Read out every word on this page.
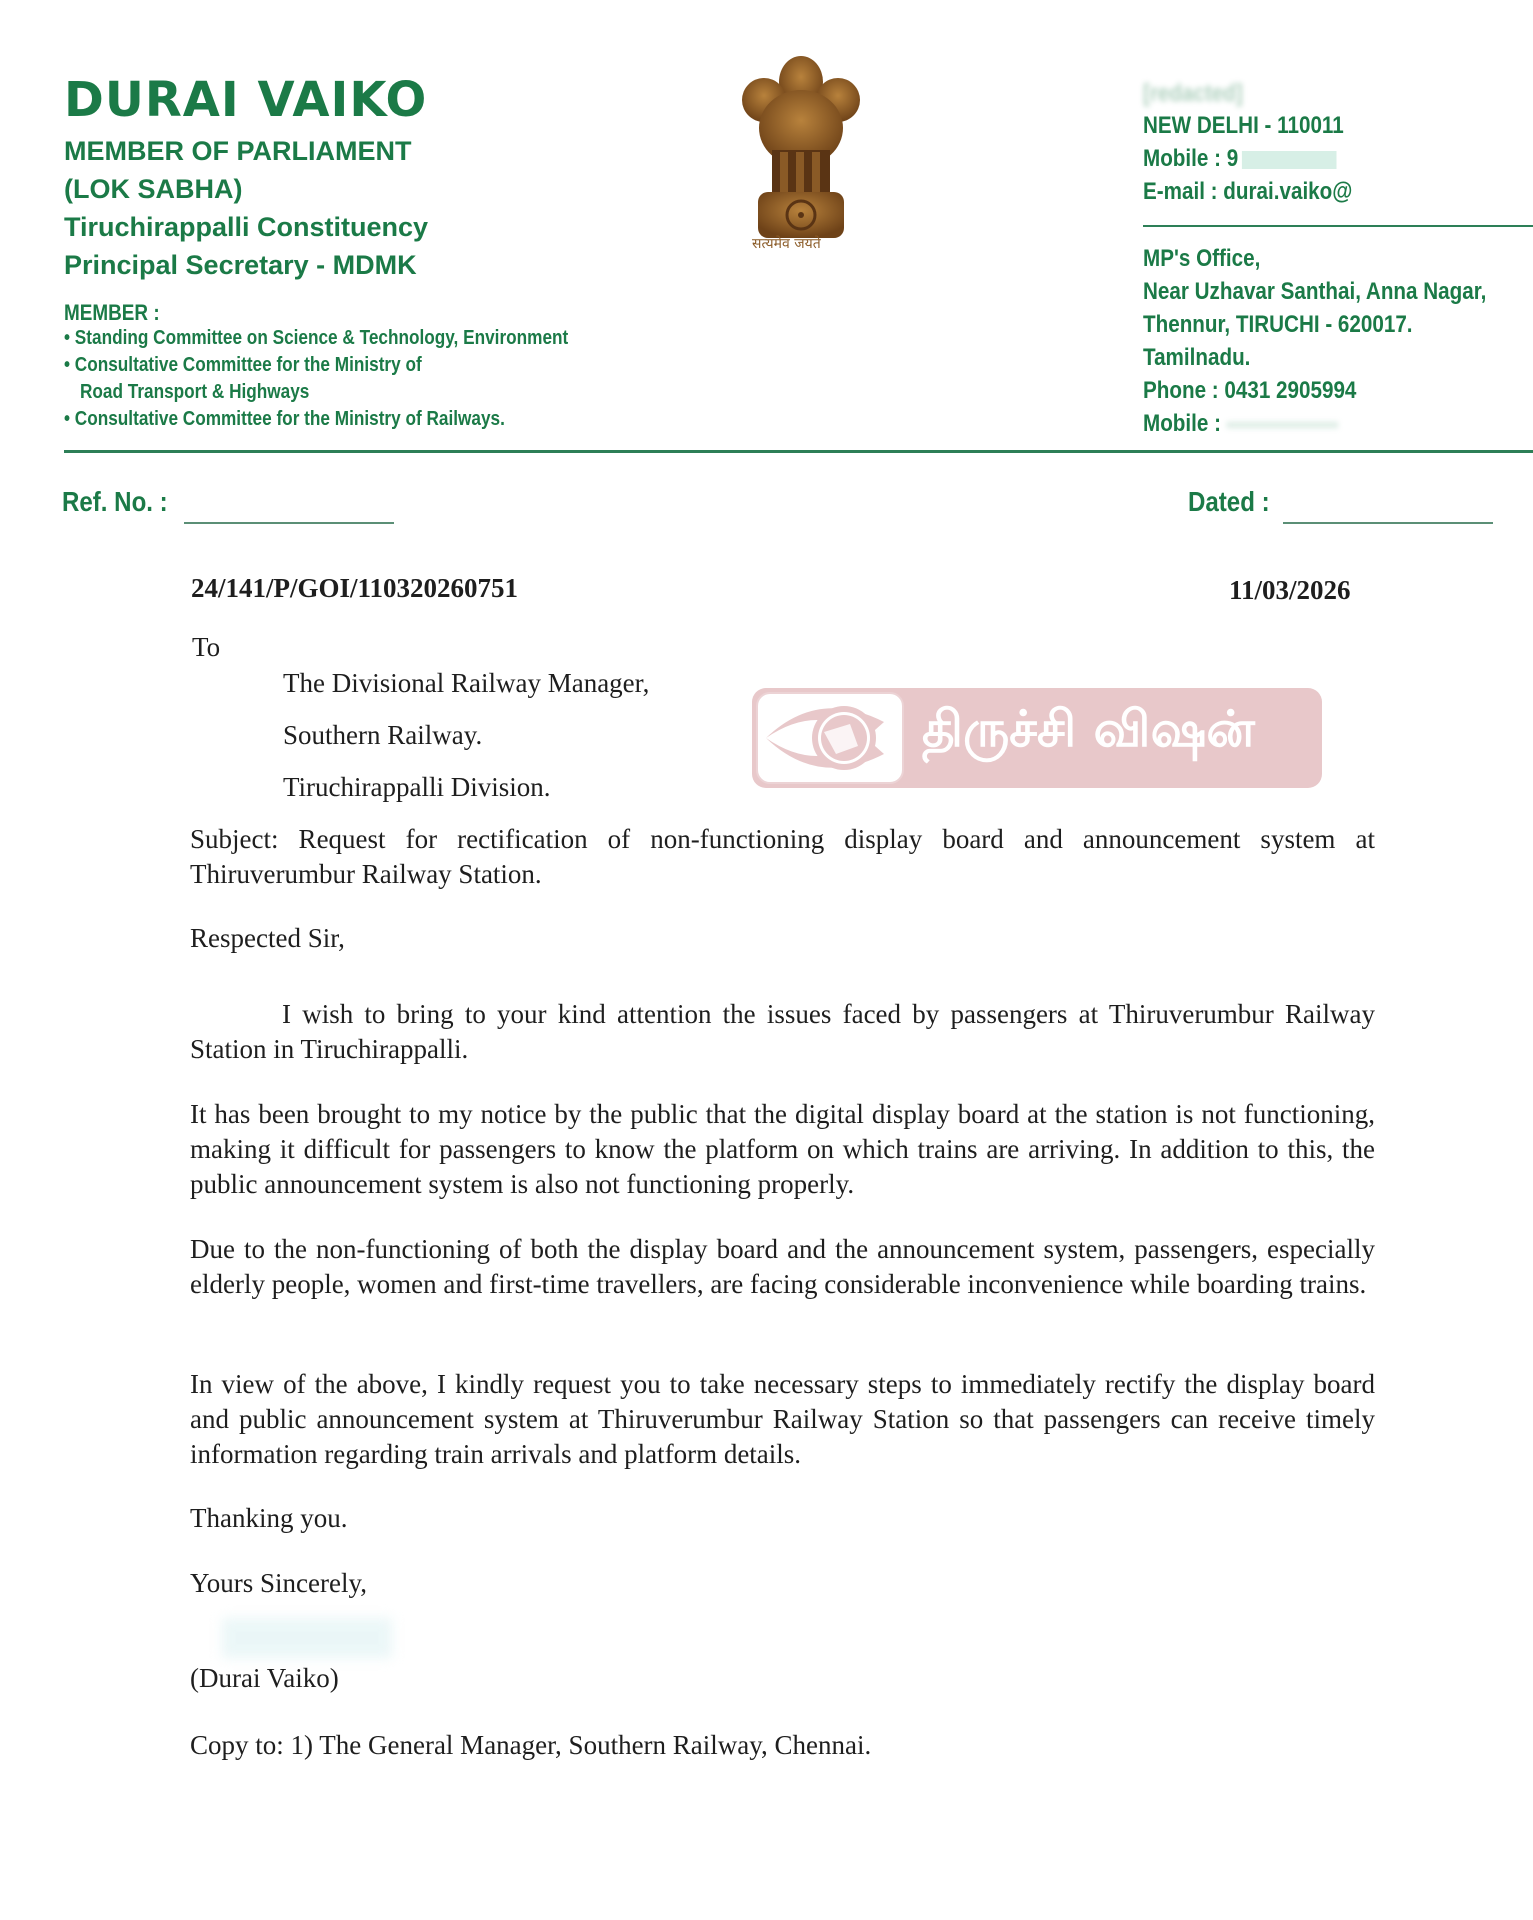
DURAI VAIKO
MEMBER OF PARLIAMENT
(LOK SABHA)
Tiruchirappalli Constituency
Principal Secretary - MDMK
MEMBER :
• Standing Committee on Science & Technology, Environment
• Consultative Committee for the Ministry of
Road Transport & Highways
• Consultative Committee for the Ministry of Railways.
सत्यमेव जयते
[redacted]
NEW DELHI - 110011
Mobile : 9
E-mail : durai.vaiko@
MP's Office,
Near Uzhavar Santhai, Anna Nagar,
Thennur, TIRUCHI - 620017.
Tamilnadu.
Phone : 0431 2905994
Mobile :
Ref. No. :	Dated :
24/141/P/GOI/110320260751	11/03/2026
To
The Divisional Railway Manager,
Southern Railway.
Tiruchirappalli Division.
திருச்சி விஷன்
Subject: Request for rectification of non-functioning display board and announcement system at Thiruverumbur Railway Station.
Respected Sir,
I wish to bring to your kind attention the issues faced by passengers at Thiruverumbur Railway Station in Tiruchirappalli.
It has been brought to my notice by the public that the digital display board at the station is not functioning, making it difficult for passengers to know the platform on which trains are arriving. In addition to this, the public announcement system is also not functioning properly.
Due to the non-functioning of both the display board and the announcement system, passengers, especially elderly people, women and first-time travellers, are facing considerable inconvenience while boarding trains.
In view of the above, I kindly request you to take necessary steps to immediately rectify the display board and public announcement system at Thiruverumbur Railway Station so that passengers can receive timely information regarding train arrivals and platform details.
Thanking you.
Yours Sincerely,
(Durai Vaiko)
Copy to: 1) The General Manager, Southern Railway, Chennai.
